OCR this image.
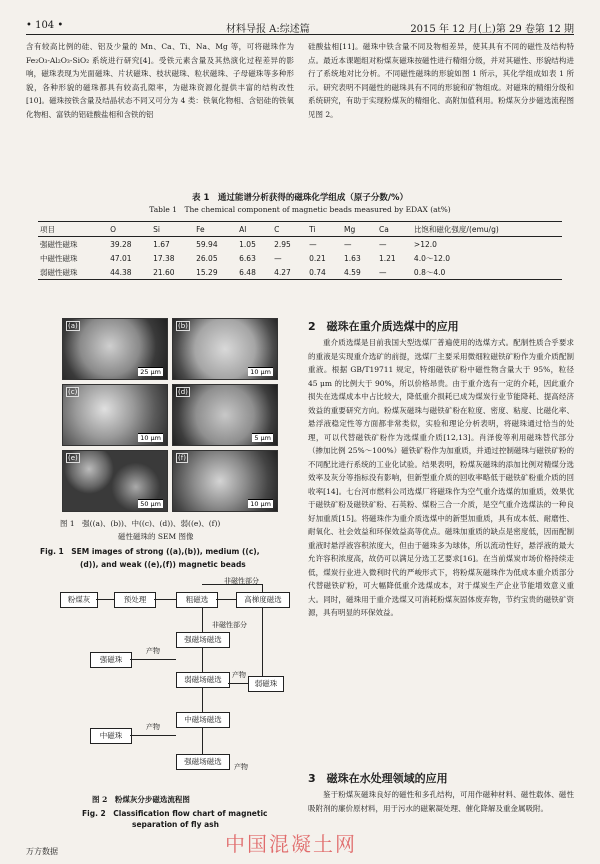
• 104 •	材料导报 A:综述篇	2015 年 12 月(上)第 29 卷第 12 期

含有较高比例的硅、铝及少量的 Mn、Ca、Ti、Na、Mg 等，可将磁珠作为 Fe₂O₃-Al₂O₃-SiO₂ 系统进行研究[4]。受铁元素含量及其热演化过程差异的影响，磁珠表现为光面磁珠、片状磁珠、枝状磁珠、粒状磁珠、子母磁珠等多种形貌，各种形貌的磁珠都具有较高孔隙率，为磁珠资源化提供丰富的结构改性[10]。磁珠按铁含量及结晶状态不同又可分为 4 类：铁氧化物相、含铝硅的铁氧化物相、富铁的铝硅酸盐相和含铁的铝

硅酸盐相[11]。磁珠中铁含量不同及物相差异，使其具有不同的磁性及结构特点。最近本课题组对粉煤灰磁珠按磁性进行精细分级，并对其磁性、形貌结构进行了系统地对比分析。不同磁性磁珠的形貌如图 1 所示，其化学组成如表 1 所示。研究表明不同磁性的磁珠具有不同的形貌和矿物组成。对磁珠的精细分级和系统研究，有助于实现粉煤灰的精细化、高附加值利用。粉煤灰分步磁选流程图见图 2。

表 1　通过能谱分析获得的磁珠化学组成（原子分数/%）
Table 1　The chemical component of magnetic beads measured by EDAX (at%)
项目	O	Si	Fe	Al	C	Ti	Mg	Ca	比饱和磁化强度/(emu/g)
强磁性磁珠	39.28	1.67	59.94	1.05	2.95	—	—	—	>12.0
中磁性磁珠	47.01	17.38	26.05	6.63	—	0.21	1.63	1.21	4.0～12.0
弱磁性磁珠	44.38	21.60	15.29	6.48	4.27	0.74	4.59	—	0.8～4.0
(a)
25 μm
(b)
10 μm
(c)
10 μm
(d)
5 μm
(e)
50 μm
(f)
10 μm
图 1　强((a)、(b))、中((c)、(d))、弱((e)、(f))
磁性磁珠的 SEM 图像
Fig. 1　SEM images of strong ((a),(b)), medium ((c),
(d)), and weak ((e),(f)) magnetic beads
粉煤灰	预处理	粗磁选	高梯度磁选
强磁场磁选
强磁珠
弱磁场磁选	弱磁珠
中磁场磁选
中磁珠
强磁场磁选
非磁性部分
非磁性部分
产物
产物
产物
产物
图 2　粉煤灰分步磁选流程图
Fig. 2　Classification flow chart of magnetic
separation of fly ash
2　磁珠在重介质选煤中的应用

重介质选煤是目前我国大型选煤厂普遍使用的选煤方式。配制性质合乎要求的重液是实现重介选矿的前提，选煤厂主要采用微细粒磁铁矿粉作为重介质配制重液。根据 GB/T19711 规定，特细磁铁矿粉中磁性物含量大于 95%，粒径 45 μm 的比例大于 90%，所以价格昂贵。由于重介选有一定的介耗，因此重介损失在选煤成本中占比较大，降低重介损耗已成为煤炭行业节能降耗、提高经济效益的重要研究方向。粉煤灰磁珠与磁铁矿粉在粒度、密度、粘度、比磁化率、悬浮液稳定性等方面都非常类似，实验和理论分析表明，将磁珠通过恰当的处理，可以代替磁铁矿粉作为选煤重介质[12,13]。肖泽俊等利用磁珠替代部分（掺加比例 25%～100%）磁铁矿粉作为加重质，并通过控制磁珠与磁铁矿粉的不同配比进行系统的工业化试验。结果表明，粉煤灰磁珠的添加比例对精煤分选效率及灰分等指标没有影响，但新型重介质的回收率略低于磁铁矿粉重介质的回收率[14]。七台河市燃料公司选煤厂将磁珠作为空气重介选煤的加重质，效果优于磁铁矿粉及磁铁矿粉、石英粉、煤粉三合一介质，是空气重介选煤法的一种良好加重质[15]。将磁珠作为重介质选煤中的新型加重质，具有成本低、耐磨性、耐氧化、社会效益和环保效益高等优点。磁珠加重质的缺点是密度低，因而配制重液时悬浮液容积浓度大，但由于磁珠多为球体，所以流动性好，悬浮液的最大允许容积浓度高，故仍可以满足分选工艺要求[16]。在当前煤炭市场价格持续走低，煤炭行业进入微利时代的严峻形式下，将粉煤灰磁珠作为低成本重介质部分代替磁铁矿粉，可大幅降低重介选煤成本，对于煤炭生产企业节能增效意义重大。同时，磁珠用于重介选煤又可消耗粉煤灰固体废弃物，节约宝贵的磁铁矿资源，具有明显的环保效益。

3　磁珠在水处理领域的应用

鉴于粉煤灰磁珠良好的磁性和多孔结构，可用作磁种材料、磁性载体、磁性吸附剂的廉价原材料，用于污水的磁絮凝处理、催化降解及重金属吸附。

中国混凝土网
万方数据
